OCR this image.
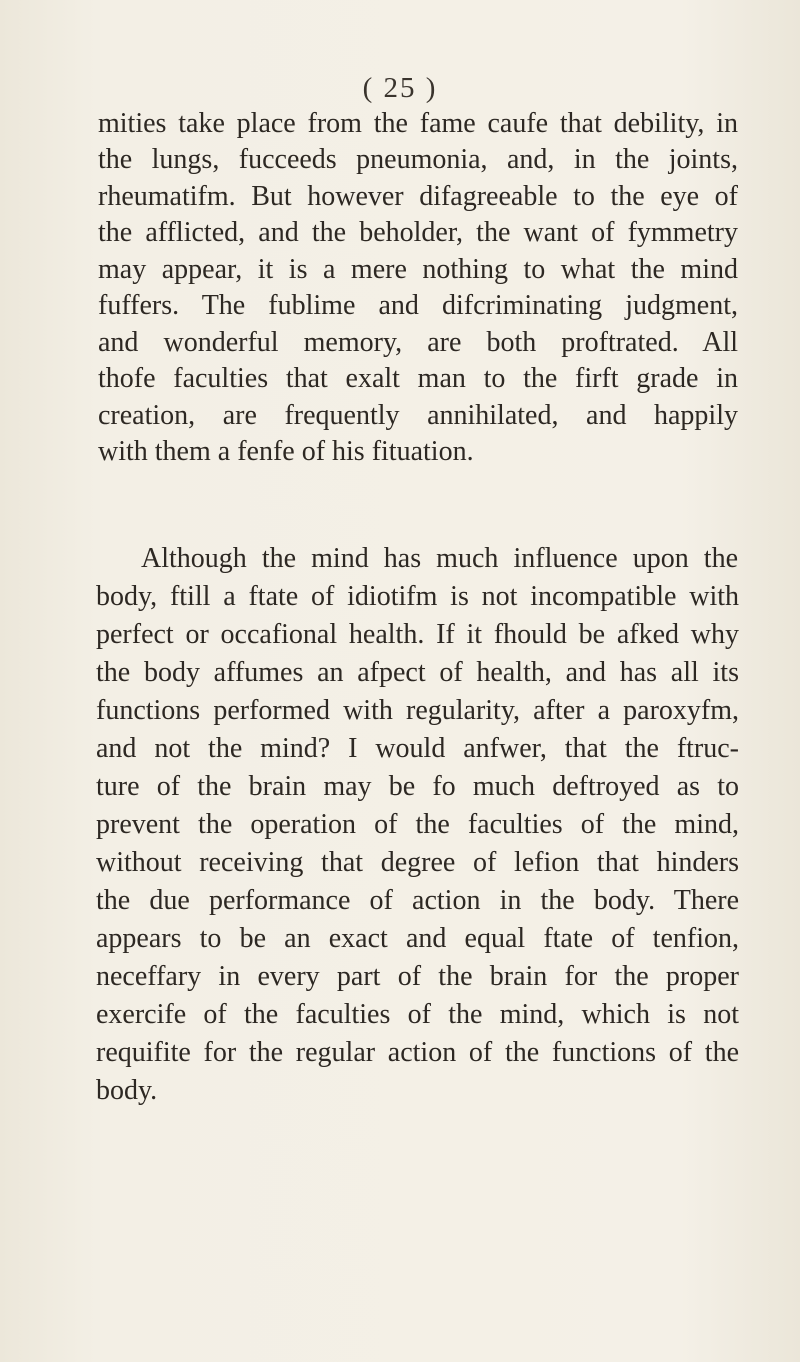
( 25 )
mities take place from the fame caufe that debility, in
the lungs, fucceeds pneumonia, and, in the joints,
rheumatifm. But however difagreeable to the eye of
the afflicted, and the beholder, the want of fymmetry
may appear, it is a mere nothing to what the mind
fuffers. The fublime and difcriminating judgment,
and wonderful memory, are both proftrated. All
thofe faculties that exalt man to the firft grade in
creation, are frequently annihilated, and happily
with them a fenfe of his fituation.
Although the mind has much influence upon the
body, ftill a ftate of idiotifm is not incompatible with
perfect or occafional health. If it fhould be afked why
the body affumes an afpect of health, and has all its
functions performed with regularity, after a paroxyfm,
and not the mind? I would anfwer, that the ftruc-
ture of the brain may be fo much deftroyed as to
prevent the operation of the faculties of the mind,
without receiving that degree of lefion that hinders
the due performance of action in the body. There
appears to be an exact and equal ftate of tenfion,
neceffary in every part of the brain for the proper
exercife of the faculties of the mind, which is not
requifite for the regular action of the functions of the
body.
